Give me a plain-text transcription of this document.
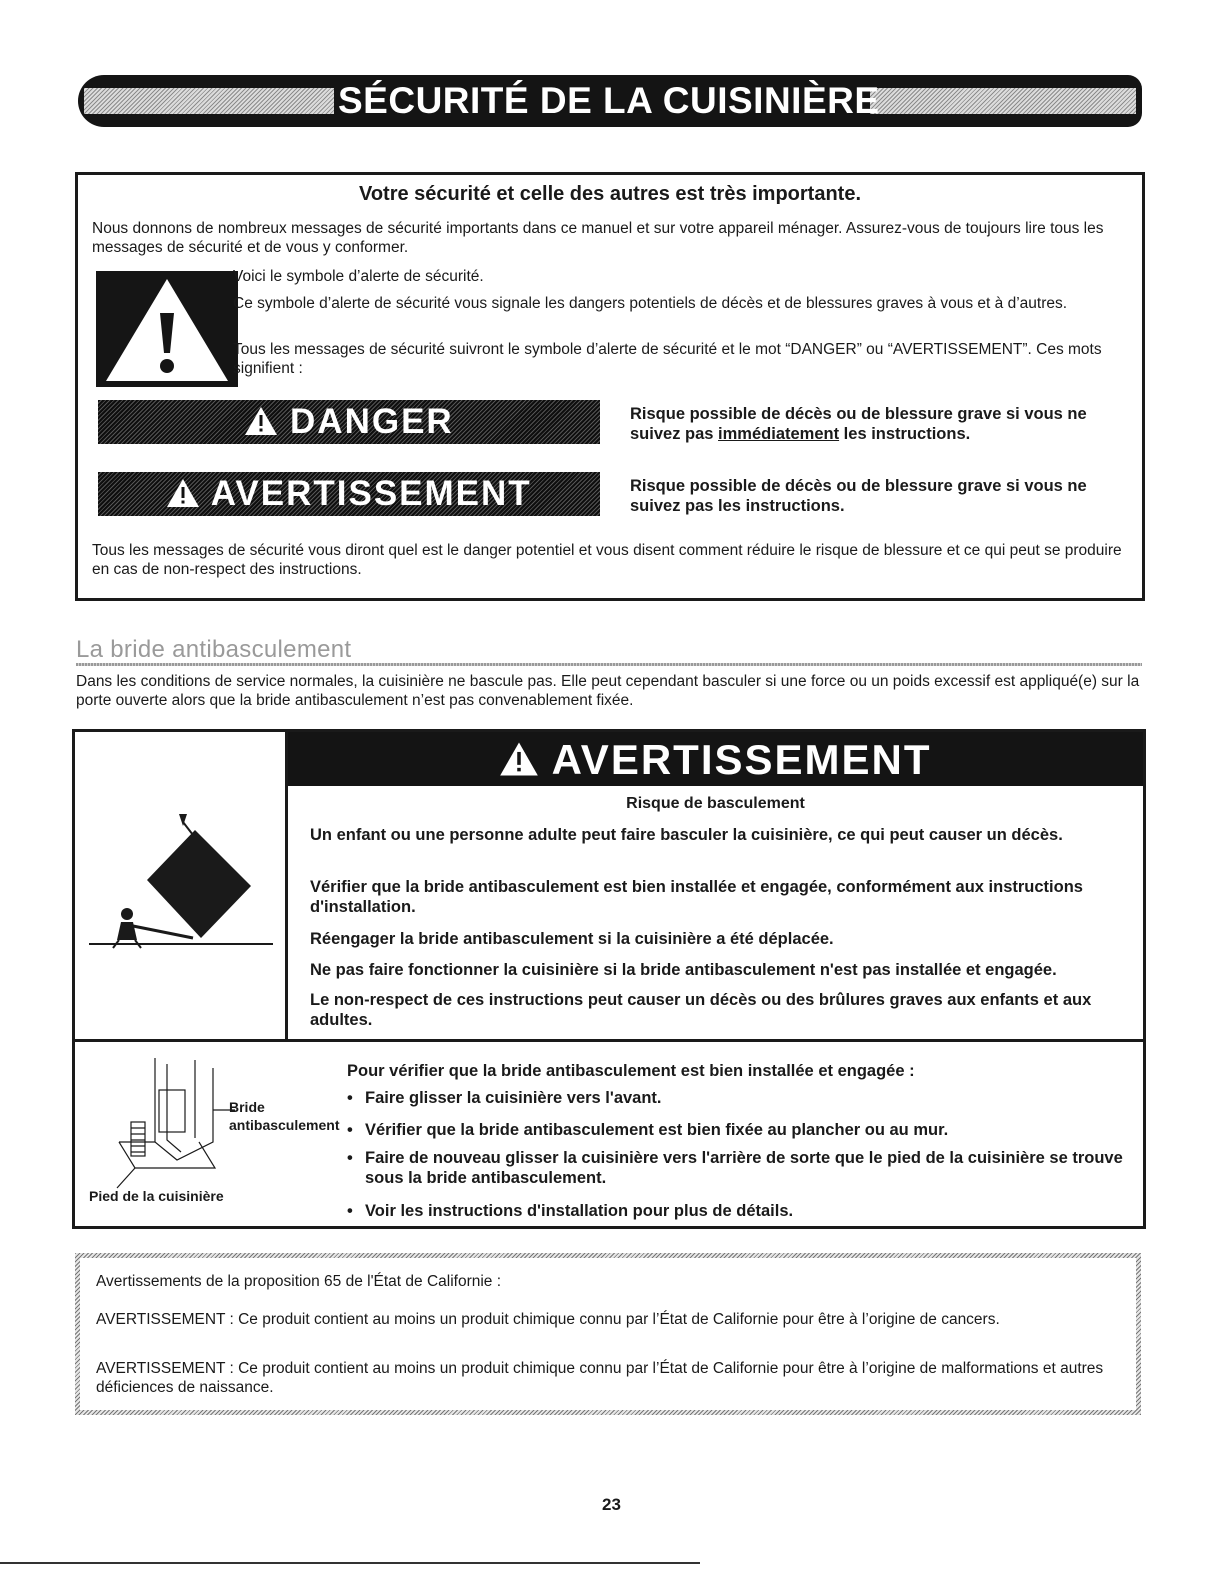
SÉCURITÉ DE LA CUISINIÈRE
Votre sécurité et celle des autres est très importante.
Nous donnons de nombreux messages de sécurité importants dans ce manuel et sur votre appareil ménager. Assurez-vous de toujours lire tous les messages de sécurité et de vous y conformer.
Voici le symbole d’alerte de sécurité.
Ce symbole d’alerte de sécurité vous signale les dangers potentiels de décès et de blessures graves à vous et à d’autres.
Tous les messages de sécurité suivront le symbole d’alerte de sécurité et le mot “DANGER” ou “AVERTISSEMENT”. Ces mots signifient :
DANGER	Risque possible de décès ou de blessure grave si vous ne suivez pas immédiatement les instructions.
AVERTISSEMENT	Risque possible de décès ou de blessure grave si vous ne suivez pas les instructions.
Tous les messages de sécurité vous diront quel est le danger potentiel et vous disent comment réduire le risque de blessure et ce qui peut se produire en cas de non-respect des instructions.
La bride antibasculement
Dans les conditions de service normales, la cuisinière ne bascule pas. Elle peut cependant basculer si une force ou un poids excessif est appliqué(e) sur la porte ouverte alors que la bride antibasculement n’est pas convenablement fixée.
AVERTISSEMENT
Risque de basculement
Un enfant ou une personne adulte peut faire basculer la cuisinière, ce qui peut causer un décès.
Vérifier que la bride antibasculement est bien installée et engagée, conformément aux instructions d'installation.
Réengager la bride antibasculement si la cuisinière a été déplacée.
Ne pas faire fonctionner la cuisinière si la bride antibasculement n'est pas installée et engagée.
Le non-respect de ces instructions peut causer un décès ou des brûlures graves aux enfants et aux adultes.
Bride
antibasculement
Pied de la cuisinière
Pour vérifier que la bride antibasculement est bien installée et engagée :
• Faire glisser la cuisinière vers l'avant.
• Vérifier que la bride antibasculement est bien fixée au plancher ou au mur.
• Faire de nouveau glisser la cuisinière vers l'arrière de sorte que le pied de la cuisinière se trouve sous la bride antibasculement.
• Voir les instructions d'installation pour plus de détails.
Avertissements de la proposition 65 de l'État de Californie :
AVERTISSEMENT : Ce produit contient au moins un produit chimique connu par l’État de Californie pour être à l’origine de cancers.
AVERTISSEMENT : Ce produit contient au moins un produit chimique connu par l’État de Californie pour être à l’origine de malformations et autres déficiences de naissance.
23
